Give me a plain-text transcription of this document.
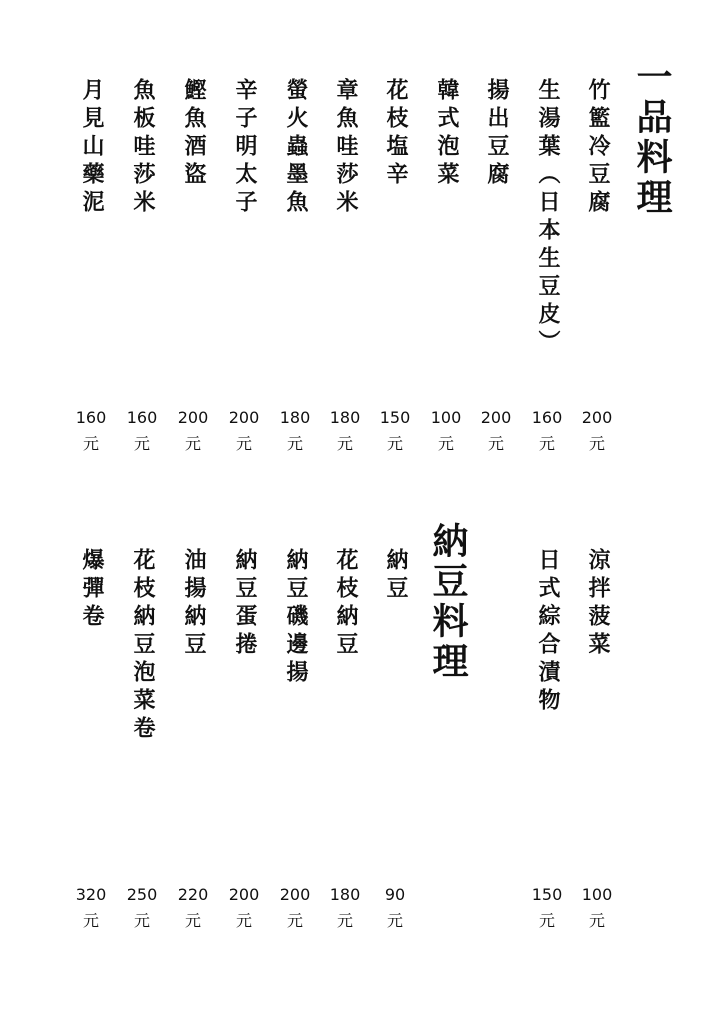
一品料理
竹籃冷豆腐
生湯葉（日本生豆皮）
揚出豆腐
韓式泡菜
花枝塩辛
章魚哇莎米
螢火蟲墨魚
辛子明太子
鰹魚酒盜
魚板哇莎米
月見山藥泥
200
元
160
元
200
元
100
元
150
元
180
元
180
元
200
元
200
元
160
元
160
元
納豆料理	涼拌菠菜
日式綜合漬物
納豆
花枝納豆
納豆磯邊揚
納豆蛋捲
油揚納豆
花枝納豆泡菜卷
爆彈卷
100
元
150
元
90
元
180
元
200
元
200
元
220
元
250
元
320
元
